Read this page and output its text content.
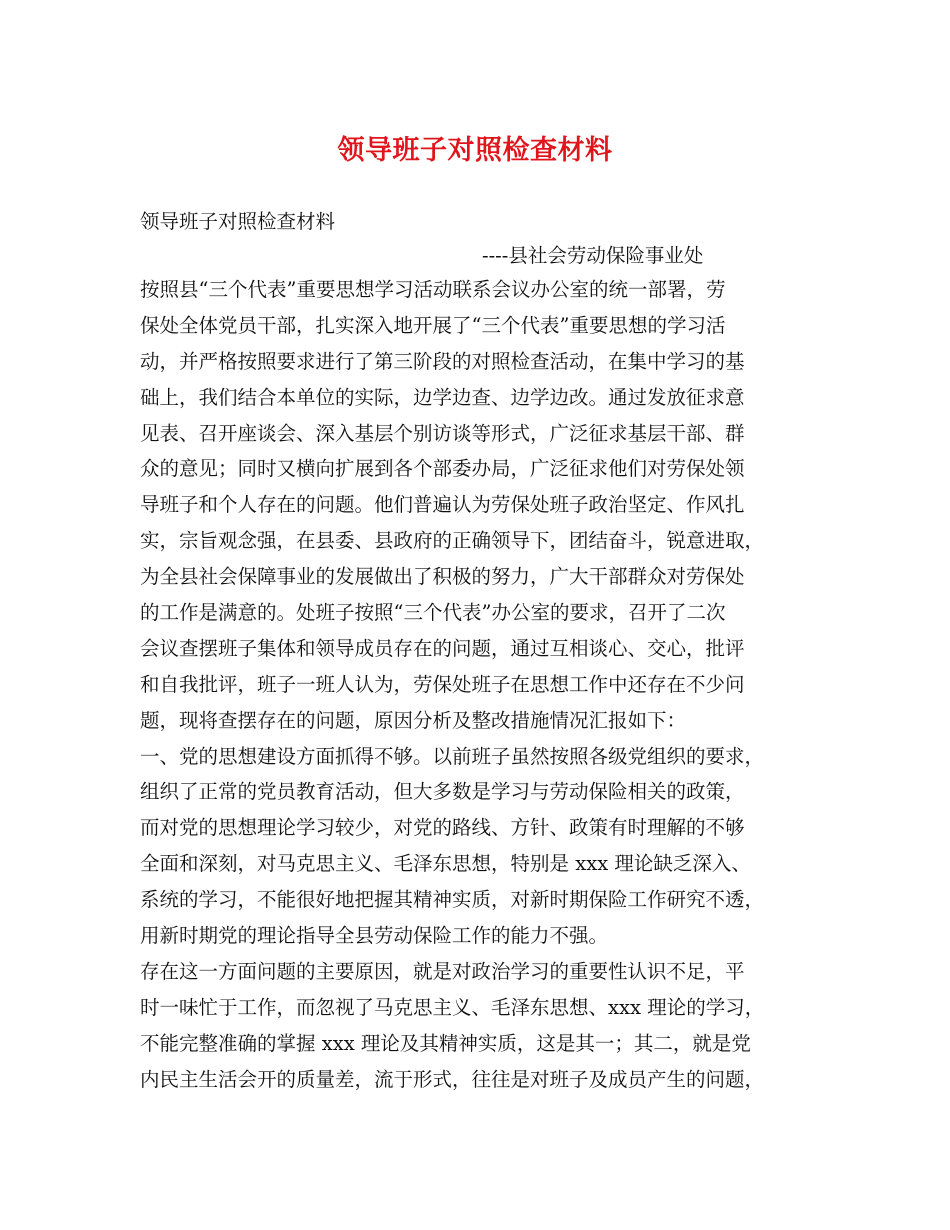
领导班子对照检查材料
领导班子对照检查材料
----县社会劳动保险事业处
按照县“三个代表”重要思想学习活动联系会议办公室的统一部署，劳
保处全体党员干部，扎实深入地开展了“三个代表”重要思想的学习活
动，并严格按照要求进行了第三阶段的对照检查活动，在集中学习的基
础上，我们结合本单位的实际，边学边查、边学边改。通过发放征求意
见表、召开座谈会、深入基层个别访谈等形式，广泛征求基层干部、群
众的意见；同时又横向扩展到各个部委办局，广泛征求他们对劳保处领
导班子和个人存在的问题。他们普遍认为劳保处班子政治坚定、作风扎
实，宗旨观念强，在县委、县政府的正确领导下，团结奋斗，锐意进取，
为全县社会保障事业的发展做出了积极的努力，广大干部群众对劳保处
的工作是满意的。处班子按照“三个代表”办公室的要求，召开了二次
会议查摆班子集体和领导成员存在的问题，通过互相谈心、交心，批评
和自我批评，班子一班人认为，劳保处班子在思想工作中还存在不少问
题，现将查摆存在的问题，原因分析及整改措施情况汇报如下：
一、党的思想建设方面抓得不够。以前班子虽然按照各级党组织的要求，
组织了正常的党员教育活动，但大多数是学习与劳动保险相关的政策，
而对党的思想理论学习较少，对党的路线、方针、政策有时理解的不够
全面和深刻，对马克思主义、毛泽东思想，特别是 xxx 理论缺乏深入、
系统的学习，不能很好地把握其精神实质，对新时期保险工作研究不透，
用新时期党的理论指导全县劳动保险工作的能力不强。
存在这一方面问题的主要原因，就是对政治学习的重要性认识不足，平
时一味忙于工作，而忽视了马克思主义、毛泽东思想、xxx 理论的学习，
不能完整准确的掌握 xxx 理论及其精神实质，这是其一；其二，就是党
内民主生活会开的质量差，流于形式，往往是对班子及成员产生的问题，
